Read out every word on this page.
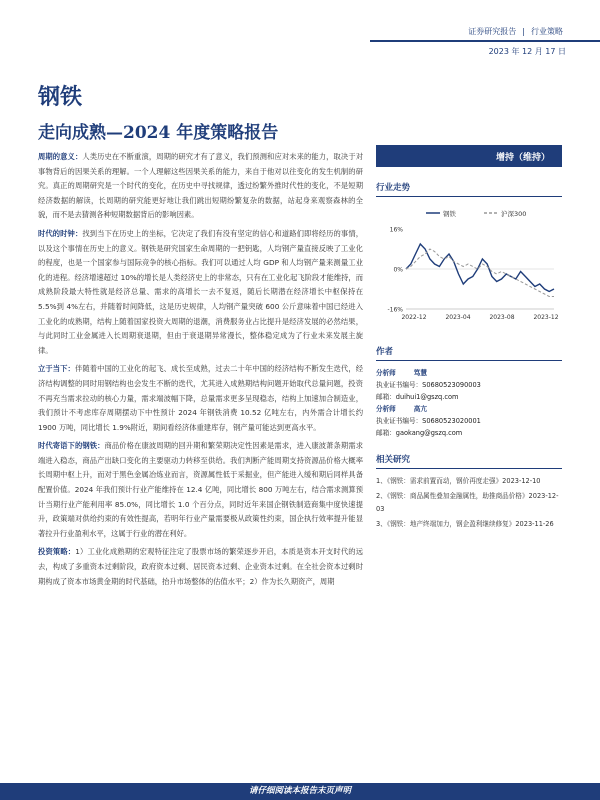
证券研究报告 | 行业策略
2023 年 12 月 17 日
钢铁
走向成熟—2024 年度策略报告
周期的意义：人类历史在不断重演，周期的研究才有了意义，我们预测和应对未来的能力，取决于对事物背后的因果关系的理解。一个人理解这些因果关系的能力，来自于他对以往变化的发生机制的研究。真正的周期研究是一个时代的变化，在历史中寻找规律，透过纷繁外推时代性的变化，不是短期经济数据的解读，长周期的研究能更好地让我们跳出短期纷繁复杂的数据，站起身来观察森林的全貌，而不是去猜测各种短期数据背后的影响因素。
时代的时钟：找到当下在历史上的坐标，它决定了我们有没有坚定的信心和道路们即将经历的事情，以及这个事情在历史上的意义。钢铁是研究国家生命周期的一把钥匙，人均钢产量直接反映了工业化的程度，也是一个国家参与国际竞争的核心指标。我们可以通过人均 GDP 和人均钢产量来测量工业化的进程。经济增速超过 10%的增长是人类经济史上的非常态，只有在工业化起飞阶段才能维持，而成熟阶段最大特性就是经济总量、需求的高增长一去不复返，随后长期潜在经济增长中枢保持在 5.5%到 4%左右，并随着时间降低，这是历史规律，人均钢产量突破 600 公斤意味着中国已经进入工业化的成熟期，结构上随着国家投资大周期的退潮，消费服务业占比提升是经济发展的必然结果，与此同时工业金属进入长周期衰退期，但由于衰退期异常漫长，整体稳定成为了行业未来发展主旋律。
立于当下：伴随着中国的工业化的起飞、成长至成熟，过去二十年中国的经济结构不断发生迭代，经济结构调整的同时用钢结构也会发生不断的迭代，尤其进入成熟期结构问题开始取代总量问题，投资不再充当需求拉动的核心力量，需求端波幅下降，总量需求更多呈现稳态，结构上加速加合制造业，我们预计不考虑库存周期摆动下中性预计 2024 年钢铁消费 10.52 亿吨左右，内外需合计增长约 1900 万吨，同比增长 1.9%附近，期间看经济体重建库存，钢产量可能达到更高水平。
时代寄语下的钢铁：商品价格在康波周期的回升期和繁荣期决定性因素是需求，进入康波萧条期需求端进入稳态，商品产出缺口变化的主要驱动力转移至供给。我们判断产能周期支持资源品价格大概率长周期中枢上升，而对于黑色金属冶炼业而言，资源属性低于采掘业，但产能进入缓和期后同样具备配置价值。2024 年我们预计行业产能维持在 12.4 亿吨，同比增长 800 万吨左右，结合需求测算预计当期行业产能利用率 85.0%，同比增长 1.0 个百分点，同时近年来国企钢铁制造商集中度快速提升，政策端对供给约束的有效性提高，若明年行业产量需要极从政策性约束，国企执行效率提升能显著拉升行业盈利水平，这属于行业的潜在利好。
投资策略：1）工业化成熟期的宏观特征注定了股票市场的繁荣逐步开启，本质是资本开支时代的远去，构成了多重资本过剩阶段，政府资本过剩、居民资本过剩、企业资本过剩。在全社会资本过剩时期构成了资本市场黄金期的时代基础，抬升市场整体的估值水平；2）作为长久期资产，周期
增持（维持）
行业走势
钢铁	沪深300
16%
0%
-16%
2022-12	2023-04	2023-08	2023-12
作者
分析师	笃慧
执业证书编号：S0680523090003
邮箱：duihui1@gszq.com
分析师	高亢
执业证书编号：S0680523020001
邮箱：gaokang@gszq.com
相关研究
1、《钢铁：需求前置而动，钢价再度走强》2023-12-10
2、《钢铁：商品属性叠加金融属性，助推商品价格》2023-12-03
3、《钢铁：地产终端加力，钢企盈利继续修复》2023-11-26
请仔细阅读本报告末页声明
